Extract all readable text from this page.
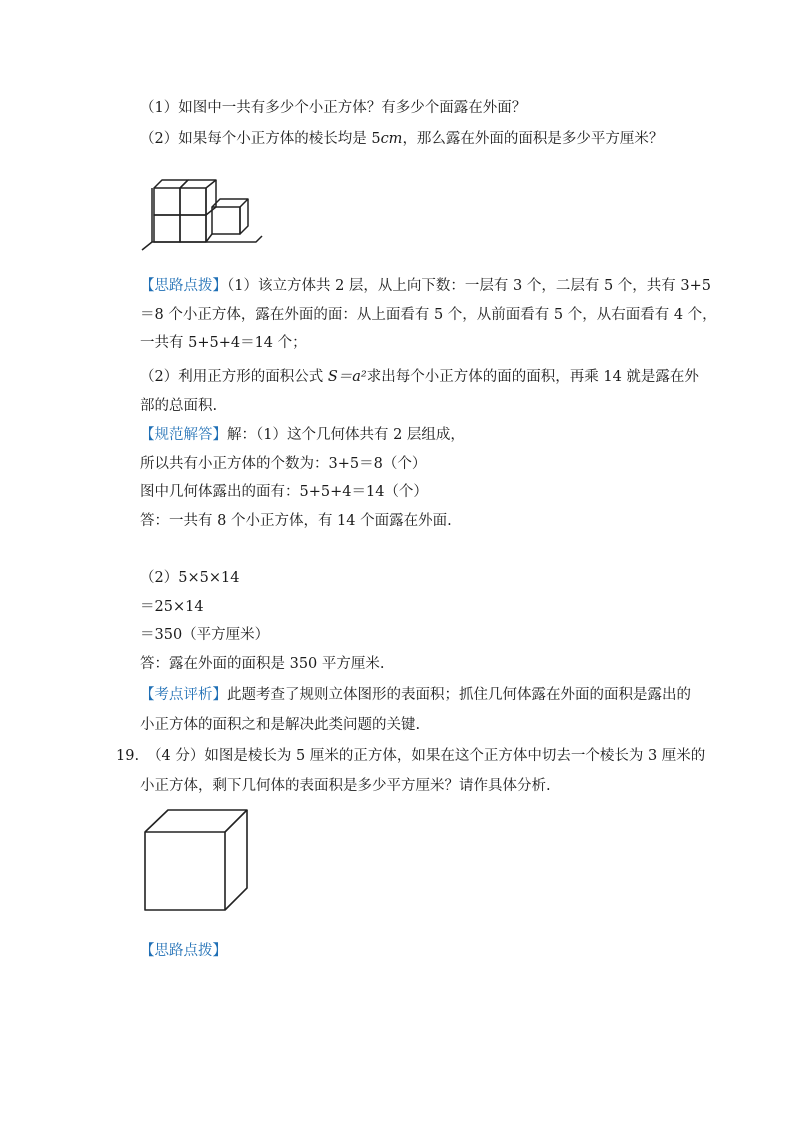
（1）如图中一共有多少个小正方体？有多少个面露在外面？
（2）如果每个小正方体的棱长均是 5cm，那么露在外面的面积是多少平方厘米？
【思路点拨】（1）该立方体共 2 层，从上向下数：一层有 3 个，二层有 5 个，共有 3+5
＝8 个小正方体，露在外面的面：从上面看有 5 个，从前面看有 5 个，从右面看有 4 个，
一共有 5+5+4＝14 个；
（2）利用正方形的面积公式 S＝a²求出每个小正方体的面的面积，再乘 14 就是露在外
部的总面积.
【规范解答】解：（1）这个几何体共有 2 层组成，
所以共有小正方体的个数为：3+5＝8（个）
图中几何体露出的面有：5+5+4＝14（个）
答：一共有 8 个小正方体，有 14 个面露在外面.
（2）5×5×14
＝25×14
＝350（平方厘米）
答：露在外面的面积是 350 平方厘米.
【考点评析】此题考查了规则立体图形的表面积；抓住几何体露在外面的面积是露出的
小正方体的面积之和是解决此类问题的关键.
19. （4 分）如图是棱长为 5 厘米的正方体，如果在这个正方体中切去一个棱长为 3 厘米的
小正方体，剩下几何体的表面积是多少平方厘米？请作具体分析.
【思路点拨】
